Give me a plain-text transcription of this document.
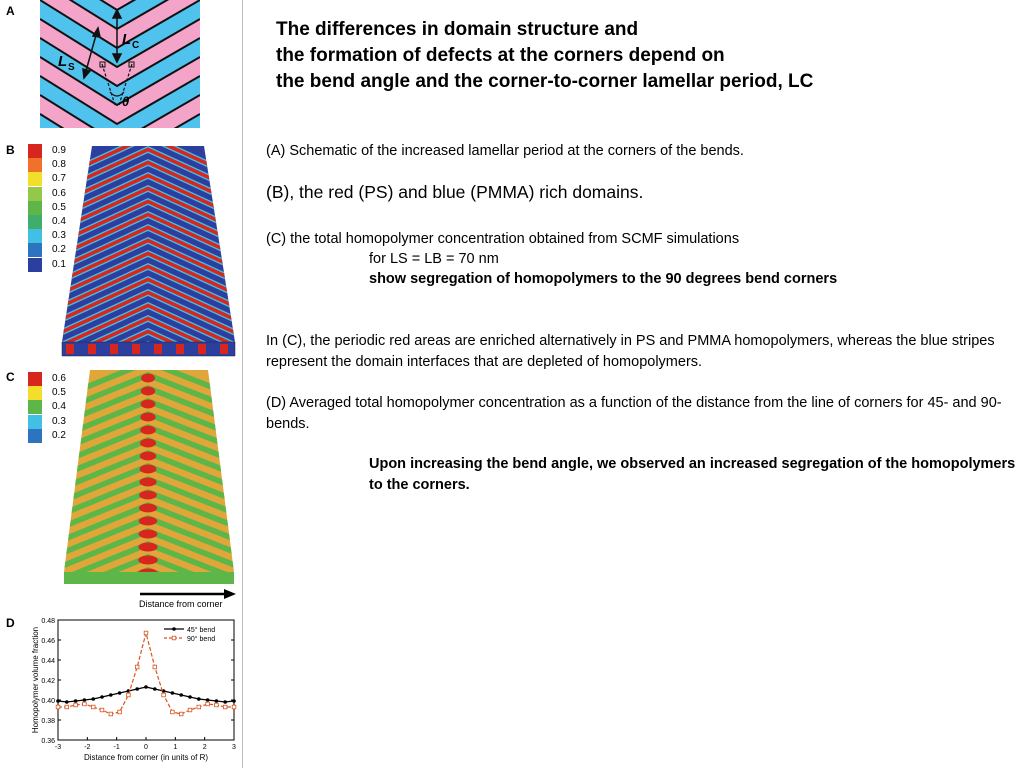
A
B
C
D
L S
L C
θ
0.9
0.8
0.7
0.6
0.5
0.4
0.3
0.2
0.1
0.6
0.5
0.4
0.3
0.2
Distance from corner
0.36
0.38
0.40
0.42
0.44
0.46
0.48
-3	-2	-1	0	1	2	3
Distance from corner (in units of R)
Homopolymer volume fraction	45° bend
90° bend
The differences in domain structure and
the formation of defects at the corners depend on
the bend angle and the corner-to-corner lamellar period, LC
(A) Schematic of the increased lamellar period at the corners of the bends.
(B), the red (PS) and blue (PMMA) rich domains.
(C) the total homopolymer concentration obtained from SCMF simulations
for LS = LB = 70 nm
show segregation of homopolymers to the 90 degrees bend corners
In (C), the periodic red areas are enriched alternatively in PS and PMMA homopolymers, whereas the blue stripes represent the domain interfaces that are depleted of homopolymers.
(D) Averaged total homopolymer concentration as a function of the distance from the line of corners for 45- and 90- bends.
Upon increasing the bend angle, we observed an increased segregation of the homopolymers to the corners.
